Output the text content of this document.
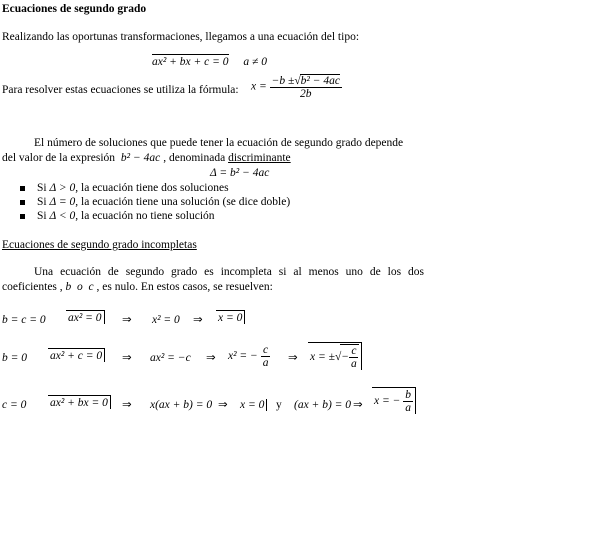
Ecuaciones de segundo grado
Realizando las oportunas transformaciones, llegamos a una ecuación del tipo:
ax² + bx + c = 0 a ≠ 0
Para resolver estas ecuaciones se utiliza la fórmula: $x = \frac{\text{−b ±√b² − 4ac}}{2b}$
El número de soluciones que puede tener la ecuación de segundo grado depende
del valor de la expresión b² − 4ac , denominada discriminante
Δ = b² − 4ac
Si Δ > 0, la ecuación tiene dos soluciones
Si Δ = 0, la ecuación tiene una solución (se dice doble)
Si Δ < 0, la ecuación no tiene solución
Ecuaciones de segundo grado incompletas
Una ecuación de segundo grado es incompleta si al menos uno de los dos
coeficientes , b  o  c , es nulo. En estos casos, se resuelven:
b = c = 0 ax² = 0 ⇒ x² = 0 ⇒ x = 0
b = 0 ax² + c = 0 ⇒ ax² = −c ⇒ x² = − $\frac{c}{a}$ ⇒ x = ±√− $\frac{c}{a}$
c = 0 ax² + bx = 0 ⇒ x(ax + b) = 0 ⇒ x = 0 y (ax + b) = 0 ⇒ x = − $\frac{b}{a}$
